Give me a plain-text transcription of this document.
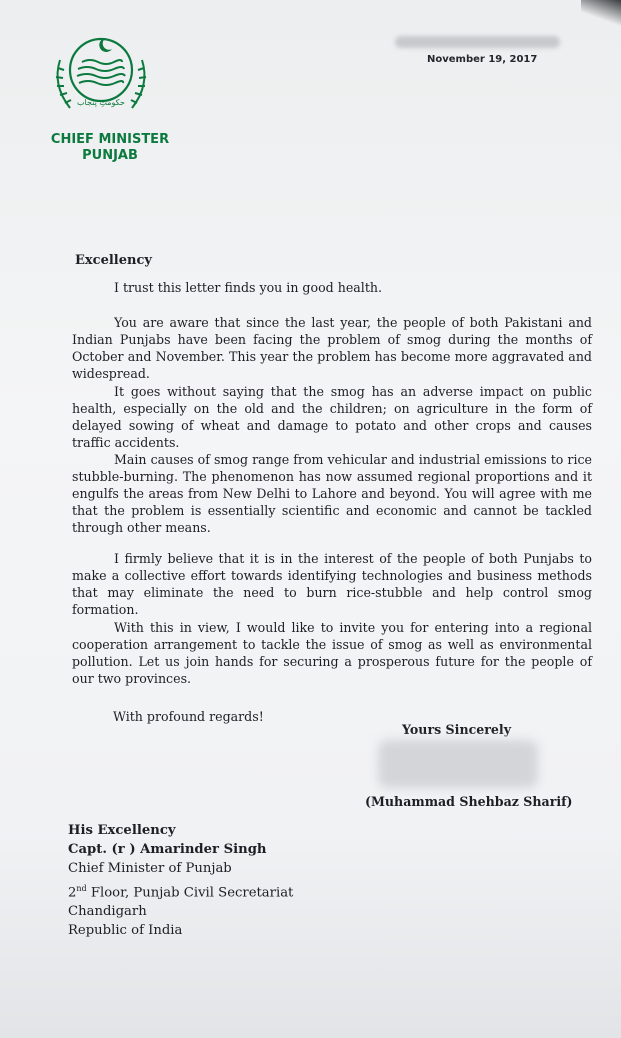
حکومتِ پنجاب
CHIEF MINISTER
PUNJAB
November 19, 2017
Excellency

I trust this letter finds you in good health.

You are aware that since the last year, the people of both Pakistani and Indian Punjabs have been facing the problem of smog during the months of October and November. This year the problem has become more aggravated and widespread.

It goes without saying that the smog has an adverse impact on public health, especially on the old and the children; on agriculture in the form of delayed sowing of wheat and damage to potato and other crops and causes traffic accidents.

Main causes of smog range from vehicular and industrial emissions to rice stubble-burning. The phenomenon has now assumed regional proportions and it engulfs the areas from New Delhi to Lahore and beyond. You will agree with me that the problem is essentially scientific and economic and cannot be tackled through other means.

I firmly believe that it is in the interest of the people of both Punjabs to make a collective effort towards identifying technologies and business methods that may eliminate the need to burn rice-stubble and help control smog formation.

With this in view, I would like to invite you for entering into a regional cooperation arrangement to tackle the issue of smog as well as environmental pollution. Let us join hands for securing a prosperous future for the people of our two provinces.

With profound regards!
Yours Sincerely
(Muhammad Shehbaz Sharif)
His Excellency
Capt. (r ) Amarinder Singh
Chief Minister of Punjab
2nd Floor, Punjab Civil Secretariat
Chandigarh
Republic of India
